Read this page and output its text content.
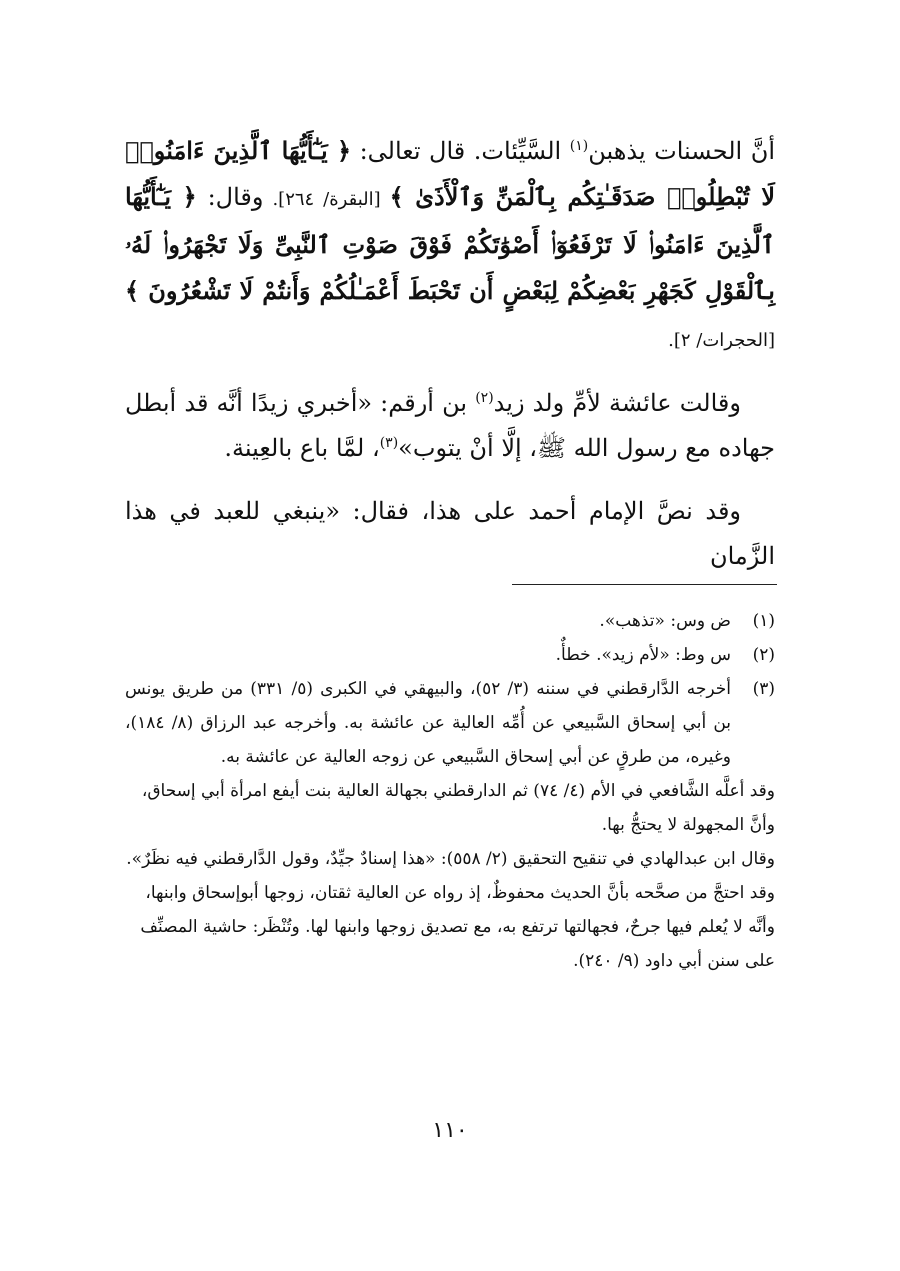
أنَّ الحسنات يذهبن$^{(١)}$ السَّيِّئات. قال تعالى: ﴿ يَـٰٓأَيُّهَا ٱلَّذِينَ ءَامَنُوا۟ لَا تُبْطِلُوا۟ صَدَقَـٰتِكُم بِٱلْمَنِّ وَٱلْأَذَىٰ ﴾ [البقرة/ ٢٦٤]. وقال: ﴿ يَـٰٓأَيُّهَا ٱلَّذِينَ ءَامَنُوا۟ لَا تَرْفَعُوٓا۟ أَصْوَٰتَكُمْ فَوْقَ صَوْتِ ٱلنَّبِىِّ وَلَا تَجْهَرُوا۟ لَهُۥ بِٱلْقَوْلِ كَجَهْرِ بَعْضِكُمْ لِبَعْضٍ أَن تَحْبَطَ أَعْمَـٰلُكُمْ وَأَنتُمْ لَا تَشْعُرُونَ ﴾ [الحجرات/ ٢].

وقالت عائشة لأمِّ ولد زيد$^{(٢)}$ بن أرقم: «أخبري زيدًا أنَّه قد أبطل جهاده مع رسول الله ﷺ، إلَّا أنْ يتوب»$^{(٣)}$، لمَّا باع بالعِينة.

وقد نصَّ الإمام أحمد على هذا، فقال: «ينبغي للعبد في هذا الزَّمان

(١)

ض وس: «تذهب».

(٢)

س وط: «لأم زيد». خطأٌ.

(٣)

أخرجه الدَّارقطني في سننه (٣/ ٥٢)، والبيهقي في الكبرى (٥/ ٣٣١) من طريق يونس بن أبي إسحاق السَّبيعي عن أُمِّه العالية عن عائشة به. وأخرجه عبد الرزاق (٨/ ١٨٤)، وغيره، من طرقٍ عن أبي إسحاق السَّبيعي عن زوجه العالية عن عائشة به.

وقد أعلَّه الشَّافعي في الأم (٤/ ٧٤) ثم الدارقطني بجهالة العالية بنت أيفع امرأة أبي إسحاق، وأنَّ المجهولة لا يحتجُّ بها.

وقال ابن عبدالهادي في تنقيح التحقيق (٢/ ٥٥٨): «هذا إسنادٌ جيِّدٌ، وقول الدَّارقطني فيه نظَرٌ». وقد احتجَّ من صحَّحه بأنَّ الحديث محفوظٌ، إذ رواه عن العالية ثقتان، زوجها أبوإسحاق وابنها، وأنَّه لا يُعلم فيها جرحٌ، فجهالتها ترتفع به، مع تصديق زوجها وابنها لها. وتُنْظَر: حاشية المصنِّف على سنن أبي داود (٩/ ٢٤٠).

١١٠
